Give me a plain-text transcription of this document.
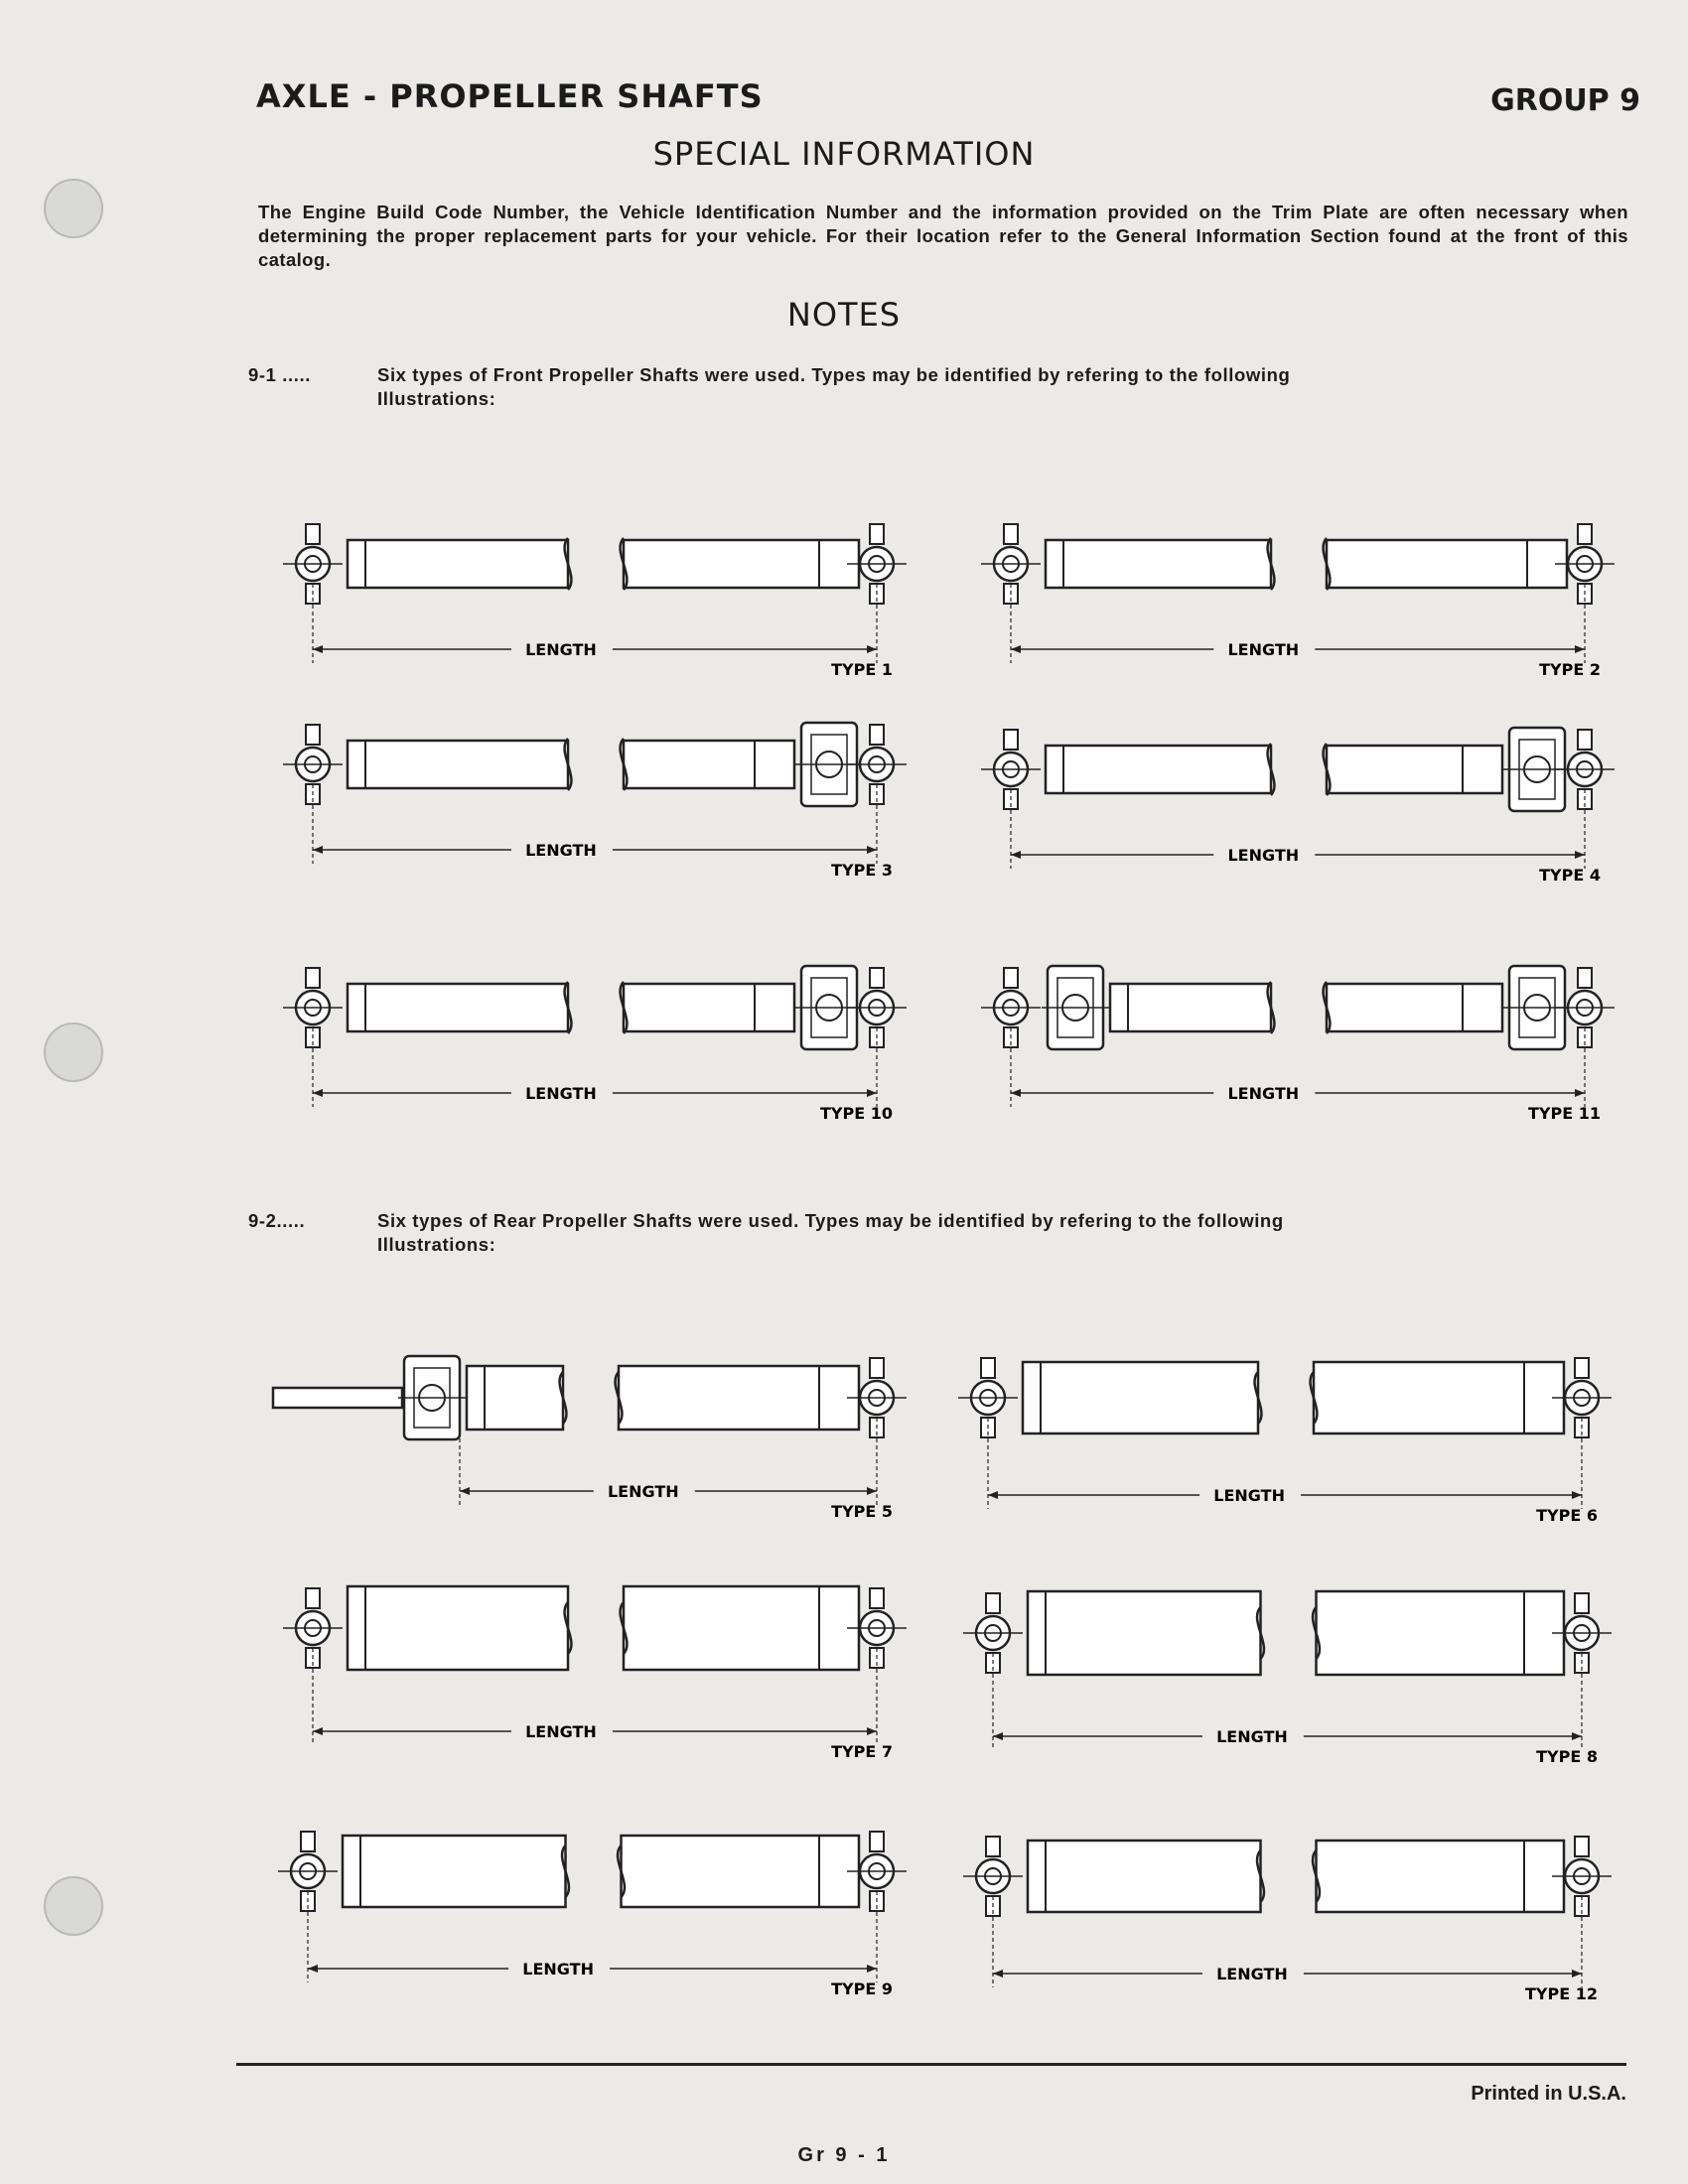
AXLE - PROPELLER SHAFTS	GROUP 9
SPECIAL INFORMATION
The Engine Build Code Number, the Vehicle Identification Number and the information provided on the Trim Plate are often necessary when determining the proper replacement parts for your vehicle. For their location refer to the General Information Section found at the front of this catalog.
NOTES
9-1 .....	Six types of Front Propeller Shafts were used. Types may be identified by refering to the following
Illustrations:
9-2.....	Six types of Rear Propeller Shafts were used. Types may be identified by refering to the following
Illustrations:
LENGTH
TYPE 1
LENGTH
TYPE 2
LENGTH
TYPE 3
LENGTH
TYPE 4
LENGTH
TYPE 10
LENGTH
TYPE 11
LENGTH
TYPE 5
LENGTH
TYPE 6
LENGTH
TYPE 7
LENGTH
TYPE 8
LENGTH
TYPE 9
LENGTH
TYPE 12
Printed in U.S.A.
Gr 9 - 1
